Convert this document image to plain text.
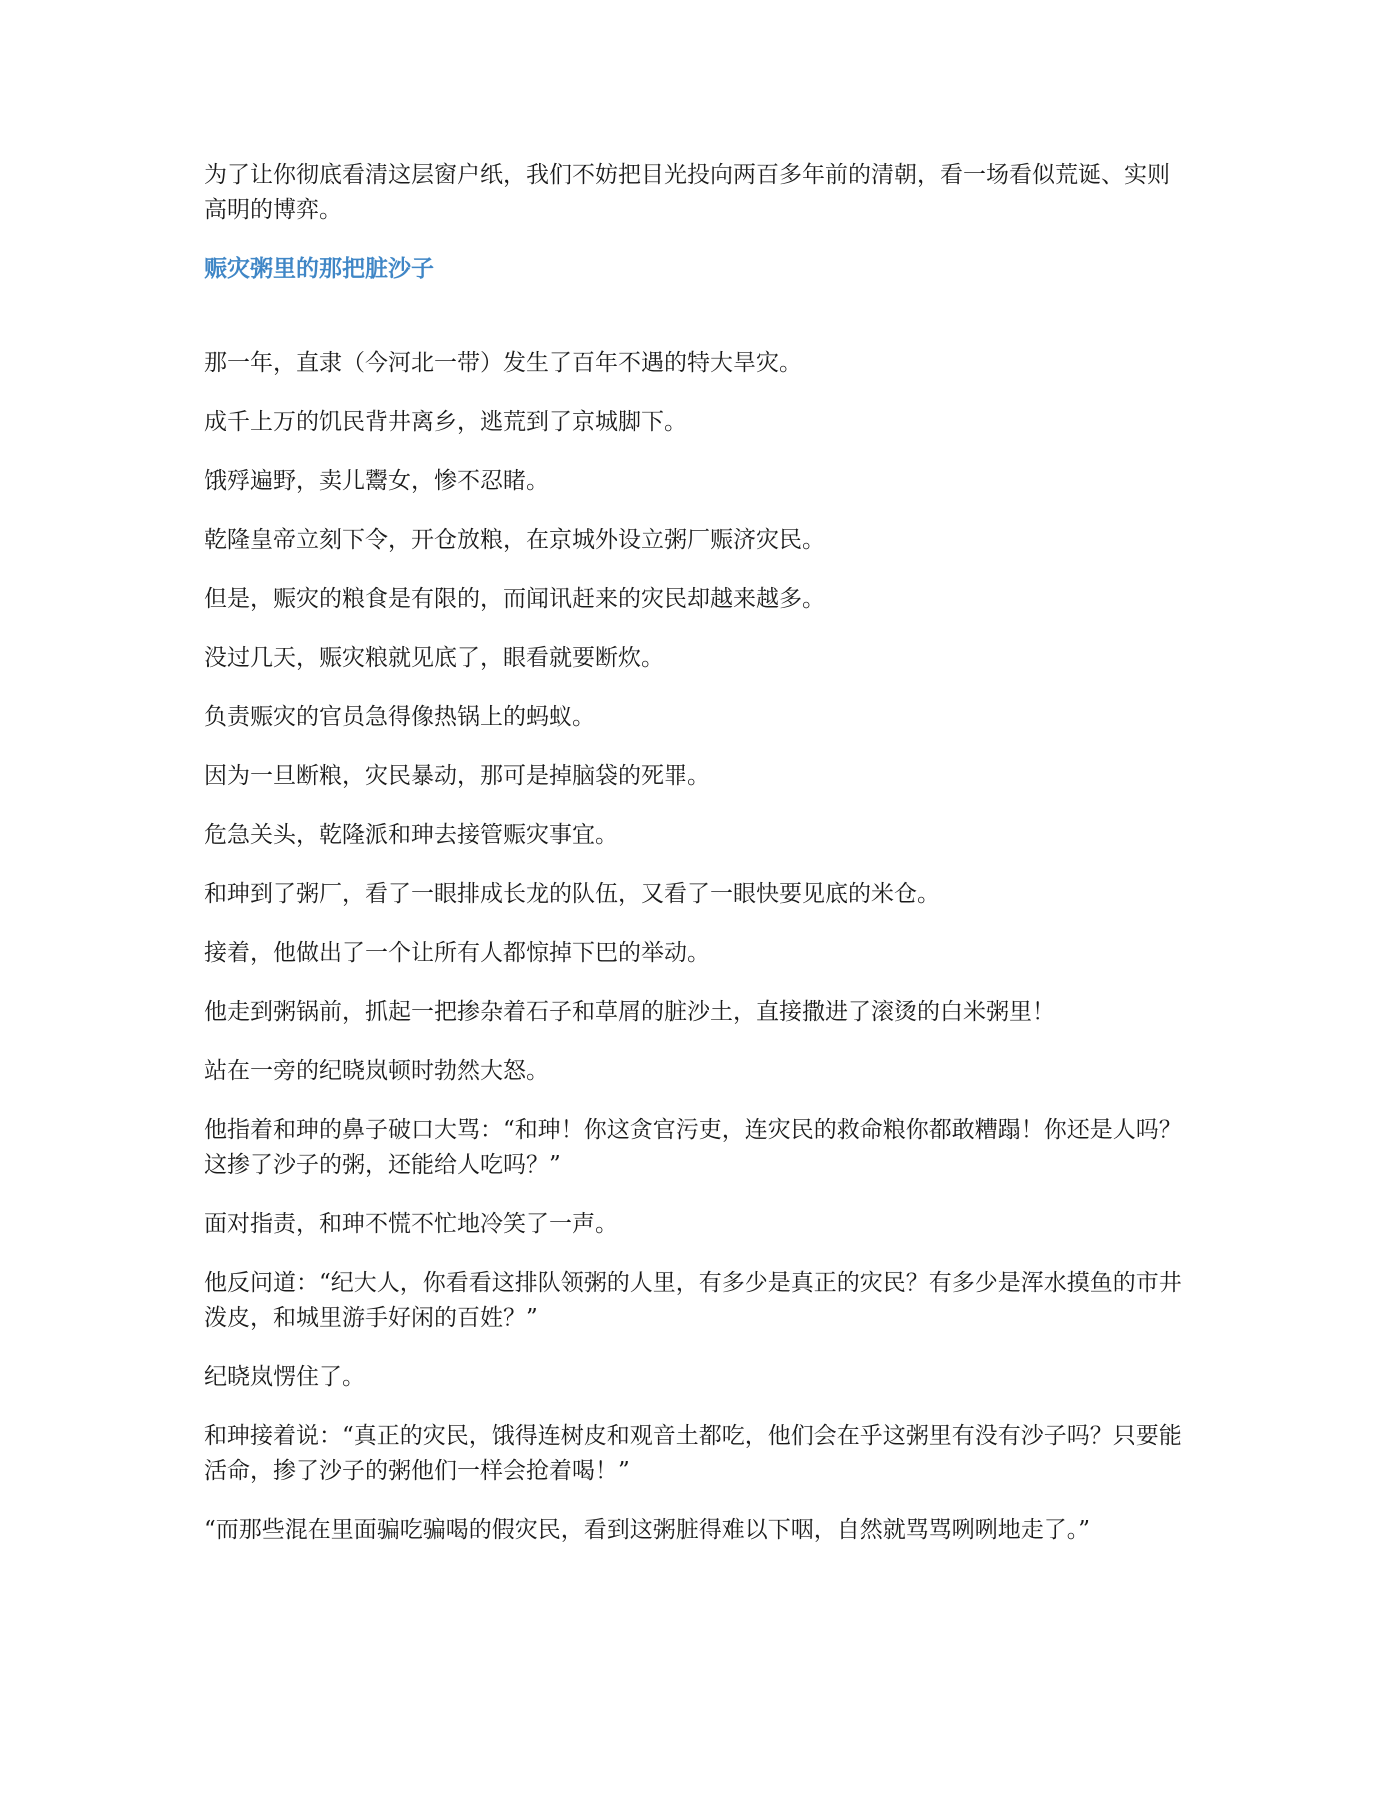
为了让你彻底看清这层窗户纸，我们不妨把目光投向两百多年前的清朝，看一场看似荒诞、实则高明的博弈。

赈灾粥里的那把脏沙子

那一年，直隶（今河北一带）发生了百年不遇的特大旱灾。

成千上万的饥民背井离乡，逃荒到了京城脚下。

饿殍遍野，卖儿鬻女，惨不忍睹。

乾隆皇帝立刻下令，开仓放粮，在京城外设立粥厂赈济灾民。

但是，赈灾的粮食是有限的，而闻讯赶来的灾民却越来越多。

没过几天，赈灾粮就见底了，眼看就要断炊。

负责赈灾的官员急得像热锅上的蚂蚁。

因为一旦断粮，灾民暴动，那可是掉脑袋的死罪。

危急关头，乾隆派和珅去接管赈灾事宜。

和珅到了粥厂，看了一眼排成长龙的队伍，又看了一眼快要见底的米仓。

接着，他做出了一个让所有人都惊掉下巴的举动。

他走到粥锅前，抓起一把掺杂着石子和草屑的脏沙土，直接撒进了滚烫的白米粥里！

站在一旁的纪晓岚顿时勃然大怒。

他指着和珅的鼻子破口大骂：“和珅！你这贪官污吏，连灾民的救命粮你都敢糟蹋！你还是人吗？这掺了沙子的粥，还能给人吃吗？”

面对指责，和珅不慌不忙地冷笑了一声。

他反问道：“纪大人，你看看这排队领粥的人里，有多少是真正的灾民？有多少是浑水摸鱼的市井泼皮，和城里游手好闲的百姓？”

纪晓岚愣住了。

和珅接着说：“真正的灾民，饿得连树皮和观音土都吃，他们会在乎这粥里有没有沙子吗？只要能活命，掺了沙子的粥他们一样会抢着喝！”

“而那些混在里面骗吃骗喝的假灾民，看到这粥脏得难以下咽，自然就骂骂咧咧地走了。”
